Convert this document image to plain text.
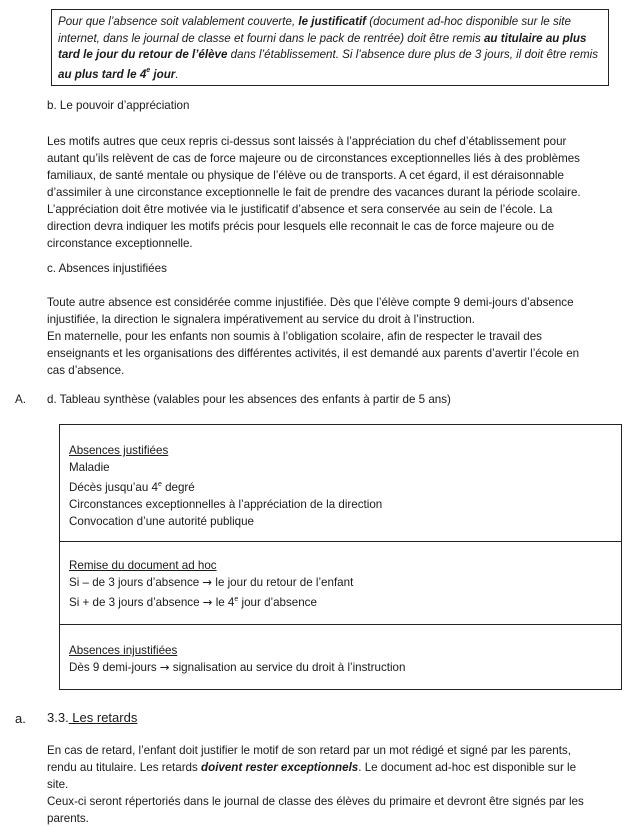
Pour que l’absence soit valablement couverte, le justificatif (document ad-hoc disponible sur le site
internet, dans le journal de classe et fourni dans le pack de rentrée) doit être remis au titulaire au plus
tard le jour du retour de l’élève dans l’établissement. Si l’absence dure plus de 3 jours, il doit être remis
au plus tard le 4e jour.
b. Le pouvoir d’appréciation
Les motifs autres que ceux repris ci-dessus sont laissés à l’appréciation du chef d’établissement pour
autant qu’ils relèvent de cas de force majeure ou de circonstances exceptionnelles liés à des problèmes
familiaux, de santé mentale ou physique de l’élève ou de transports. A cet égard, il est déraisonnable
d’assimiler à une circonstance exceptionnelle le fait de prendre des vacances durant la période scolaire.
L’appréciation doit être motivée via le justificatif d’absence et sera conservée au sein de l’école. La
direction devra indiquer les motifs précis pour lesquels elle reconnait le cas de force majeure ou de
circonstance exceptionnelle.
c. Absences injustifiées
Toute autre absence est considérée comme injustifiée. Dès que l’élève compte 9 demi-jours d’absence
injustifiée, la direction le signalera impérativement au service du droit à l’instruction.
En maternelle, pour les enfants non soumis à l’obligation scolaire, afin de respecter le travail des
enseignants et les organisations des différentes activités, il est demandé aux parents d’avertir l’école en
cas d’absence.
A. d. Tableau synthèse (valables pour les absences des enfants à partir de 5 ans)
Absences justifiées
Maladie
Décès jusqu’au 4e degré
Circonstances exceptionnelles à l’appréciation de la direction
Convocation d’une autorité publique
Remise du document ad hoc
Si – de 3 jours d’absence → le jour du retour de l’enfant
Si + de 3 jours d’absence → le 4e jour d’absence
Absences injustifiées
Dès 9 demi-jours → signalisation au service du droit à l’instruction
a. 3.3. Les retards
En cas de retard, l’enfant doit justifier le motif de son retard par un mot rédigé et signé par les parents,
rendu au titulaire. Les retards doivent rester exceptionnels. Le document ad-hoc est disponible sur le
site.
Ceux-ci seront répertoriés dans le journal de classe des élèves du primaire et devront être signés par les
parents.
